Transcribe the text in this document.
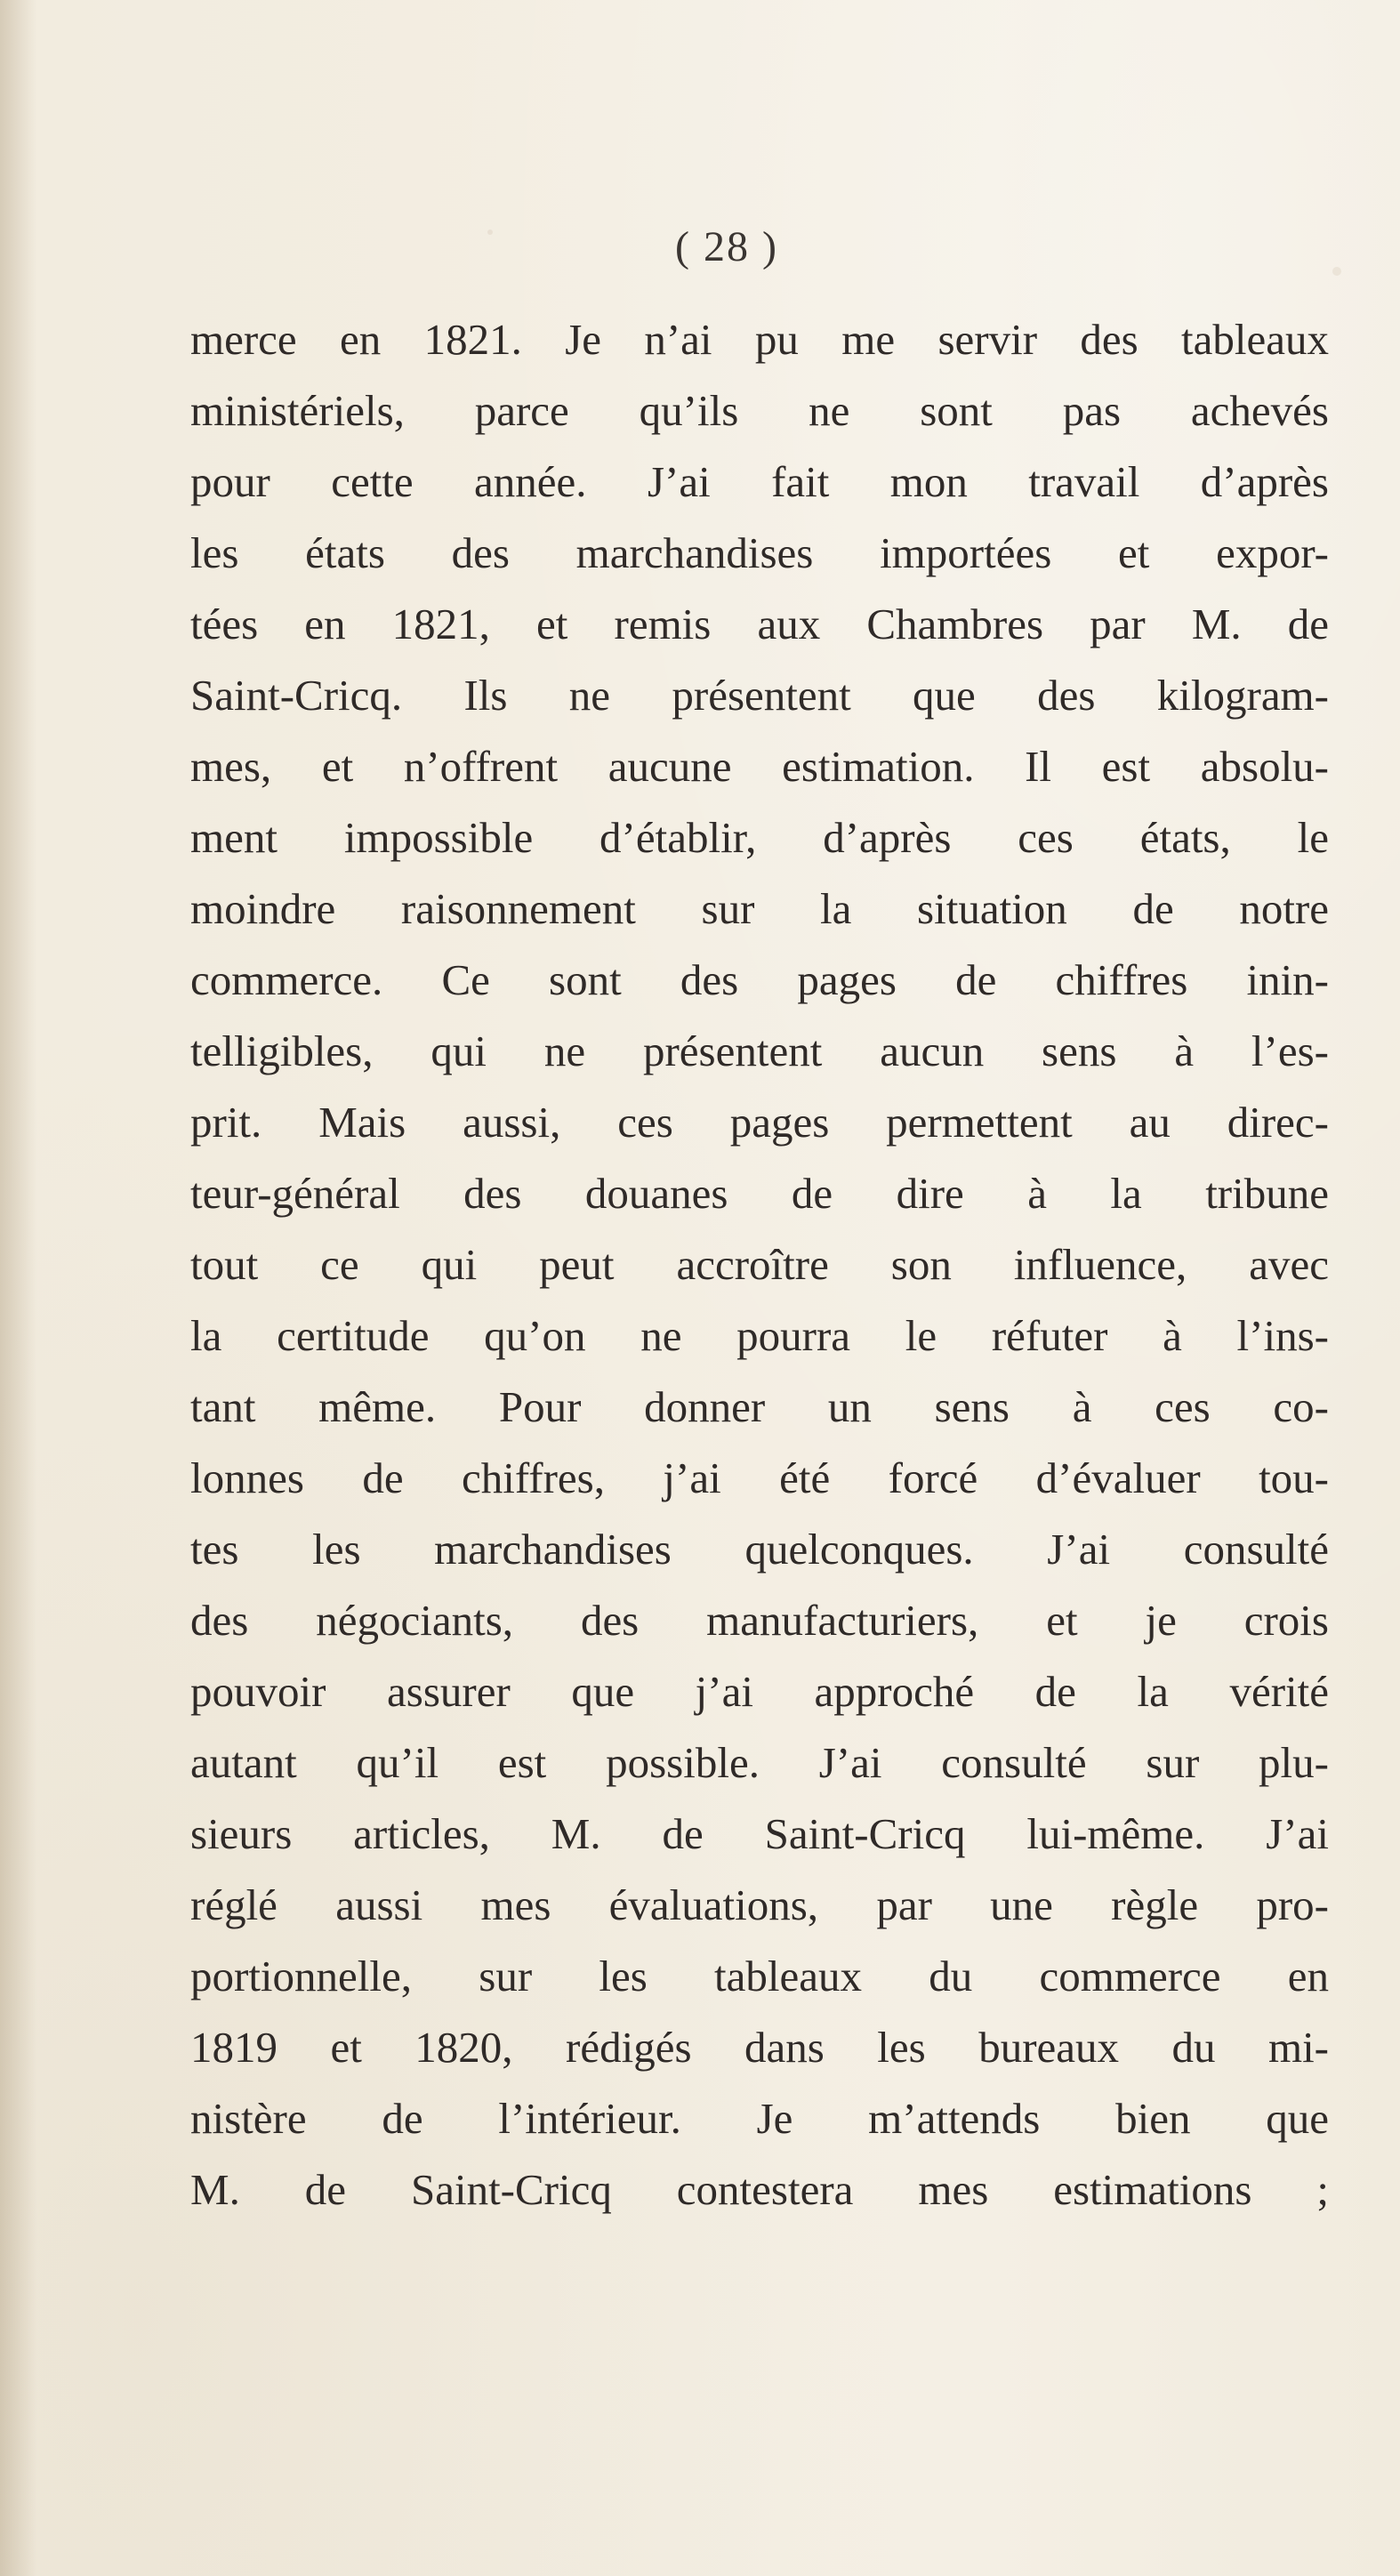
( 28 )
merce en 1821. Je n’ai pu me servir des tableaux
ministériels, parce qu’ils ne sont pas achevés
pour cette année. J’ai fait mon travail d’après
les états des marchandises importées et expor-
tées en 1821, et remis aux Chambres par M. de
Saint-Cricq. Ils ne présentent que des kilogram-
mes, et n’offrent aucune estimation. Il est absolu-
ment impossible d’établir, d’après ces états, le
moindre raisonnement sur la situation de notre
commerce. Ce sont des pages de chiffres inin-
telligibles, qui ne présentent aucun sens à l’es-
prit. Mais aussi, ces pages permettent au direc-
teur-général des douanes de dire à la tribune
tout ce qui peut accroître son influence, avec
la certitude qu’on ne pourra le réfuter à l’ins-
tant même. Pour donner un sens à ces co-
lonnes de chiffres, j’ai été forcé d’évaluer tou-
tes les marchandises quelconques. J’ai consulté
des négociants, des manufacturiers, et je crois
pouvoir assurer que j’ai approché de la vérité
autant qu’il est possible. J’ai consulté sur plu-
sieurs articles, M. de Saint-Cricq lui-même. J’ai
réglé aussi mes évaluations, par une règle pro-
portionnelle, sur les tableaux du commerce en
1819 et 1820, rédigés dans les bureaux du mi-
nistère de l’intérieur. Je m’attends bien que
M. de Saint-Cricq contestera mes estimations ;
